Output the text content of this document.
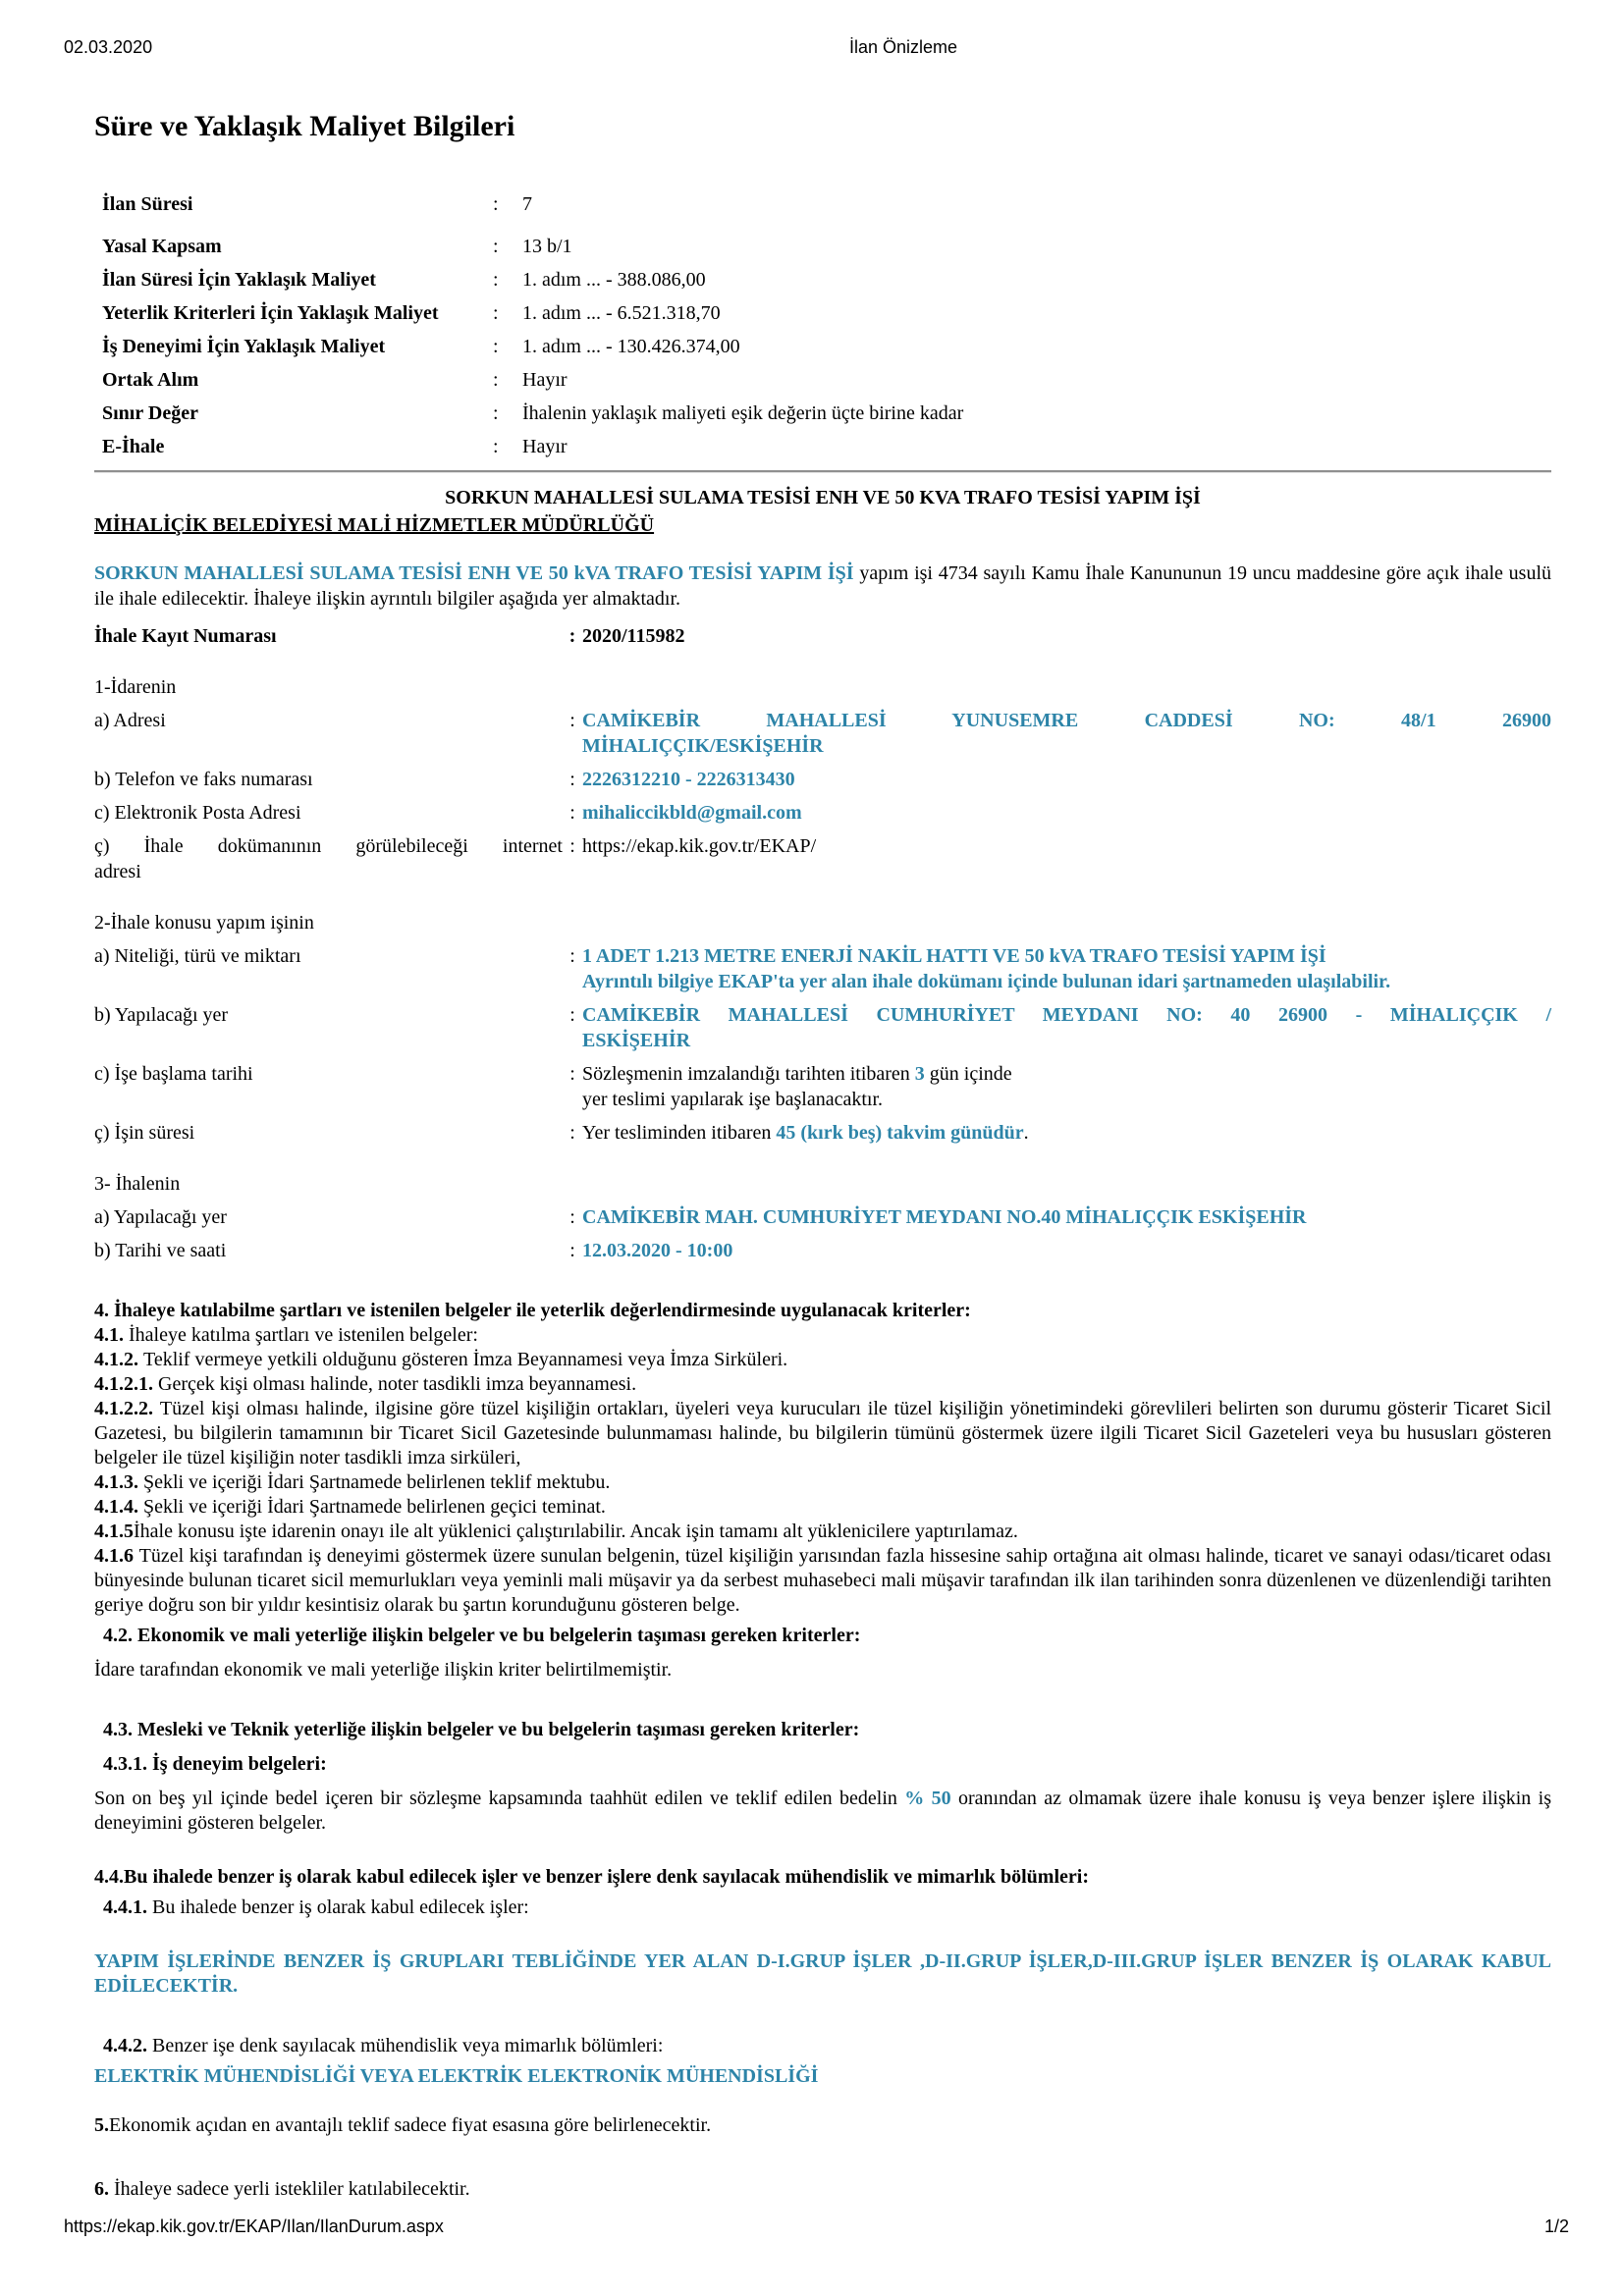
02.03.2020	İlan Önizleme
Süre ve Yaklaşık Maliyet Bilgileri
İlan Süresi	:	7
Yasal Kapsam	:	13 b/1
İlan Süresi İçin Yaklaşık Maliyet	:	1. adım ... - 388.086,00
Yeterlik Kriterleri İçin Yaklaşık Maliyet	:	1. adım ... - 6.521.318,70
İş Deneyimi İçin Yaklaşık Maliyet	:	1. adım ... - 130.426.374,00
Ortak Alım	:	Hayır
Sınır Değer	:	İhalenin yaklaşık maliyeti eşik değerin üçte birine kadar
E-İhale	:	Hayır
SORKUN MAHALLESİ SULAMA TESİSİ ENH VE 50 KVA TRAFO TESİSİ YAPIM İŞİ
MİHALİÇİK BELEDİYESİ MALİ HİZMETLER MÜDÜRLÜĞÜ

SORKUN MAHALLESİ SULAMA TESİSİ ENH VE 50 kVA TRAFO TESİSİ YAPIM İŞİ yapım işi 4734 sayılı Kamu İhale Kanununun 19 uncu maddesine göre açık ihale usulü ile ihale edilecektir. İhaleye ilişkin ayrıntılı bilgiler aşağıda yer almaktadır.

İhale Kayıt Numarası	: 2020/115982
1-İdarenin
a) Adresi	: CAMİKEBİR MAHALLESİ YUNUSEMRE CADDESİ NO: 48/1 26900
MİHALIÇÇIK/ESKİŞEHİR
b) Telefon ve faks numarası	: 2226312210 - 2226313430
c) Elektronik Posta Adresi	: mihaliccikbld@gmail.com
ç) İhale dokümanının görülebileceği internet
adresi
: https://ekap.kik.gov.tr/EKAP/
2-İhale konusu yapım işinin
a) Niteliği, türü ve miktarı	: 1 ADET 1.213 METRE ENERJİ NAKİL HATTI VE 50 kVA TRAFO TESİSİ YAPIM İŞİ
Ayrıntılı bilgiye EKAP'ta yer alan ihale dokümanı içinde bulunan idari şartnameden ulaşılabilir.
b) Yapılacağı yer	: CAMİKEBİR MAHALLESİ CUMHURİYET MEYDANI NO: 40 26900 - MİHALIÇÇIK /
ESKİŞEHİR
c) İşe başlama tarihi	: Sözleşmenin imzalandığı tarihten itibaren 3 gün içinde
yer teslimi yapılarak işe başlanacaktır.
ç) İşin süresi	: Yer tesliminden itibaren 45 (kırk beş) takvim günüdür.
3- İhalenin
a) Yapılacağı yer	: CAMİKEBİR MAH. CUMHURİYET MEYDANI NO.40 MİHALIÇÇIK ESKİŞEHİR
b) Tarihi ve saati	: 12.03.2020 - 10:00
4. İhaleye katılabilme şartları ve istenilen belgeler ile yeterlik değerlendirmesinde uygulanacak kriterler:
4.1. İhaleye katılma şartları ve istenilen belgeler:
4.1.2. Teklif vermeye yetkili olduğunu gösteren İmza Beyannamesi veya İmza Sirküleri.
4.1.2.1. Gerçek kişi olması halinde, noter tasdikli imza beyannamesi.
4.1.2.2. Tüzel kişi olması halinde, ilgisine göre tüzel kişiliğin ortakları, üyeleri veya kurucuları ile tüzel kişiliğin yönetimindeki görevlileri belirten son durumu gösterir Ticaret Sicil Gazetesi, bu bilgilerin tamamının bir Ticaret Sicil Gazetesinde bulunmaması halinde, bu bilgilerin tümünü göstermek üzere ilgili Ticaret Sicil Gazeteleri veya bu hususları gösteren belgeler ile tüzel kişiliğin noter tasdikli imza sirküleri,
4.1.3. Şekli ve içeriği İdari Şartnamede belirlenen teklif mektubu.
4.1.4. Şekli ve içeriği İdari Şartnamede belirlenen geçici teminat.
4.1.5İhale konusu işte idarenin onayı ile alt yüklenici çalıştırılabilir. Ancak işin tamamı alt yüklenicilere yaptırılamaz.
4.1.6 Tüzel kişi tarafından iş deneyimi göstermek üzere sunulan belgenin, tüzel kişiliğin yarısından fazla hissesine sahip ortağına ait olması halinde, ticaret ve sanayi odası/ticaret odası bünyesinde bulunan ticaret sicil memurlukları veya yeminli mali müşavir ya da serbest muhasebeci mali müşavir tarafından ilk ilan tarihinden sonra düzenlenen ve düzenlendiği tarihten geriye doğru son bir yıldır kesintisiz olarak bu şartın korunduğunu gösteren belge.
4.2. Ekonomik ve mali yeterliğe ilişkin belgeler ve bu belgelerin taşıması gereken kriterler:
İdare tarafından ekonomik ve mali yeterliğe ilişkin kriter belirtilmemiştir.
4.3. Mesleki ve Teknik yeterliğe ilişkin belgeler ve bu belgelerin taşıması gereken kriterler:
4.3.1. İş deneyim belgeleri:
Son on beş yıl içinde bedel içeren bir sözleşme kapsamında taahhüt edilen ve teklif edilen bedelin % 50 oranından az olmamak üzere ihale konusu iş veya benzer işlere ilişkin iş deneyimini gösteren belgeler.
4.4.Bu ihalede benzer iş olarak kabul edilecek işler ve benzer işlere denk sayılacak mühendislik ve mimarlık bölümleri:
4.4.1. Bu ihalede benzer iş olarak kabul edilecek işler:
YAPIM İŞLERİNDE BENZER İŞ GRUPLARI TEBLİĞİNDE YER ALAN D-I.GRUP İŞLER ,D-II.GRUP İŞLER,D-III.GRUP İŞLER BENZER İŞ OLARAK KABUL EDİLECEKTİR.
4.4.2. Benzer işe denk sayılacak mühendislik veya mimarlık bölümleri:
ELEKTRİK MÜHENDİSLİĞİ VEYA ELEKTRİK ELEKTRONİK MÜHENDİSLİĞİ
5.Ekonomik açıdan en avantajlı teklif sadece fiyat esasına göre belirlenecektir.
6. İhaleye sadece yerli istekliler katılabilecektir.
https://ekap.kik.gov.tr/EKAP/Ilan/IlanDurum.aspx	1/2
